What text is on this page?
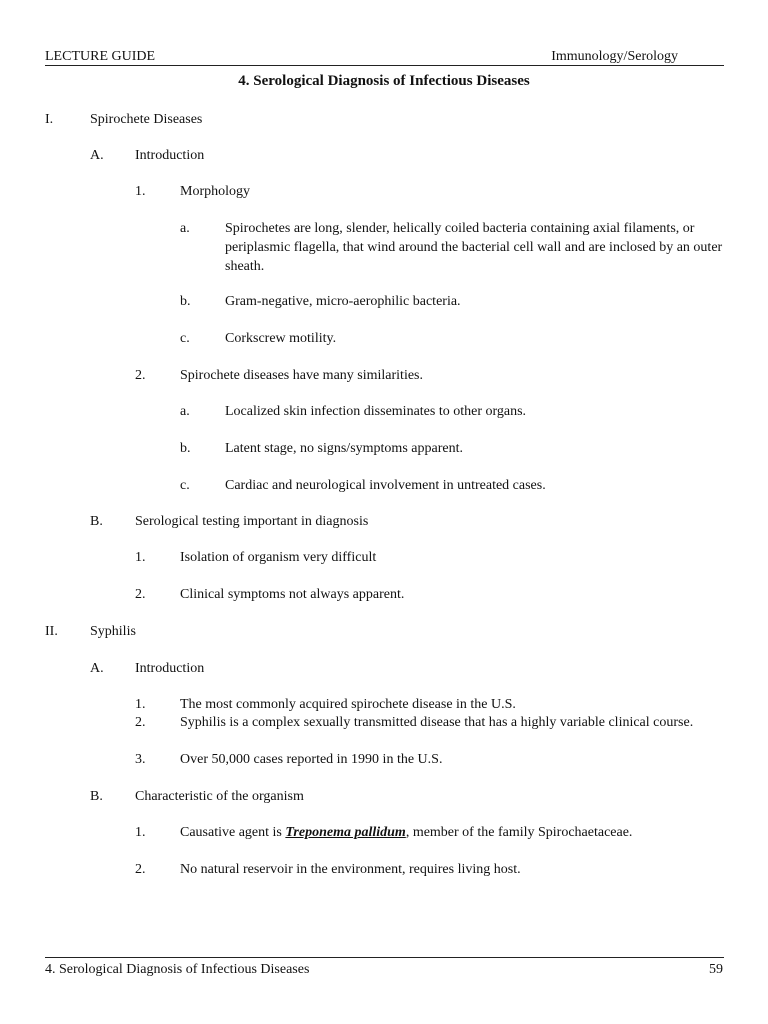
LECTURE GUIDE	Immunology/Serology
4. Serological Diagnosis of Infectious Diseases
I.	Spirochete Diseases
A. Introduction
1. Morphology
a.	Spirochetes are long, slender, helically coiled bacteria containing axial filaments, or periplasmic flagella, that wind around the bacterial cell wall and are inclosed by an outer sheath.
b. Gram-negative, micro-aerophilic bacteria.
c.	Corkscrew motility.
2. Spirochete diseases have many similarities.
a.	Localized skin infection disseminates to other organs.
b. Latent stage, no signs/symptoms apparent.
c.	Cardiac and neurological involvement in untreated cases.
B. Serological testing important in diagnosis
1. Isolation of organism very difficult
2. Clinical symptoms not always apparent.
II. Syphilis
A. Introduction
1. The most commonly acquired spirochete disease in the U.S.
2. Syphilis is a complex sexually transmitted disease that has a highly variable clinical course.
3. Over 50,000 cases reported in 1990 in the U.S.
B. Characteristic of the organism
1. Causative agent is Treponema pallidum, member of the family Spirochaetaceae.
2. No natural reservoir in the environment, requires living host.
4. Serological Diagnosis of Infectious Diseases	59
